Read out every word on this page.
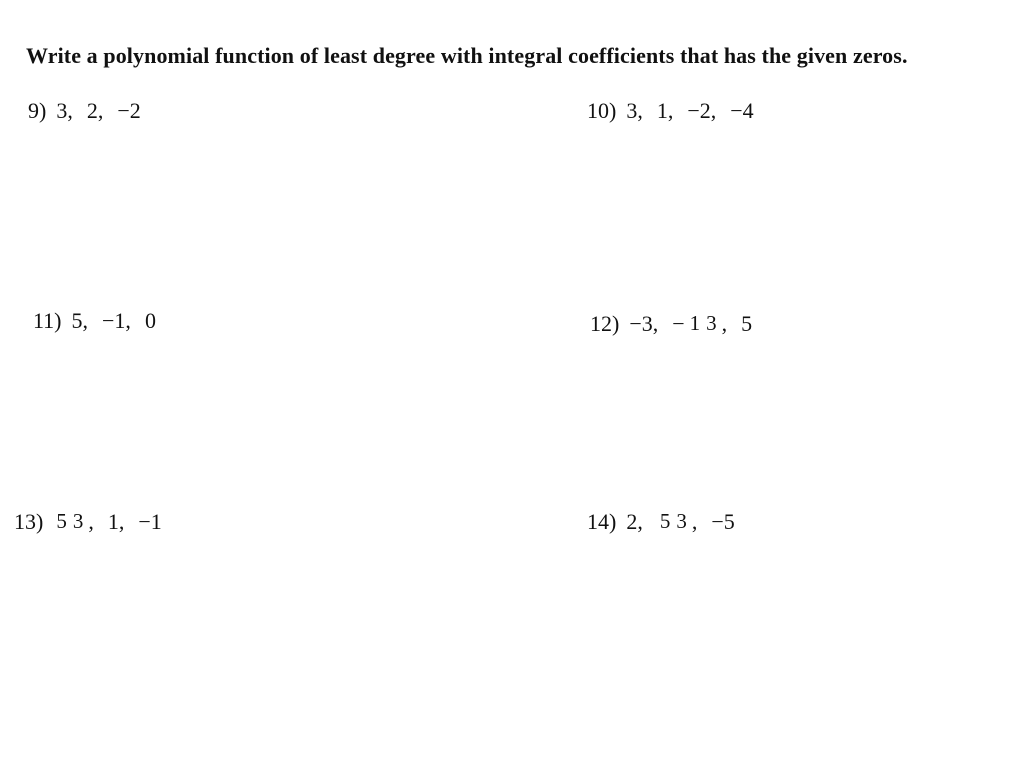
Write a polynomial function of least degree with integral coefficients that has the given zeros.
9) 3, 2, −2	10) 3, 1, −2, −4
11) 5, −1, 0	12) −3, − 1 3 , 5
13) 5 3 , 1, −1	14) 2, 5 3 , −5
